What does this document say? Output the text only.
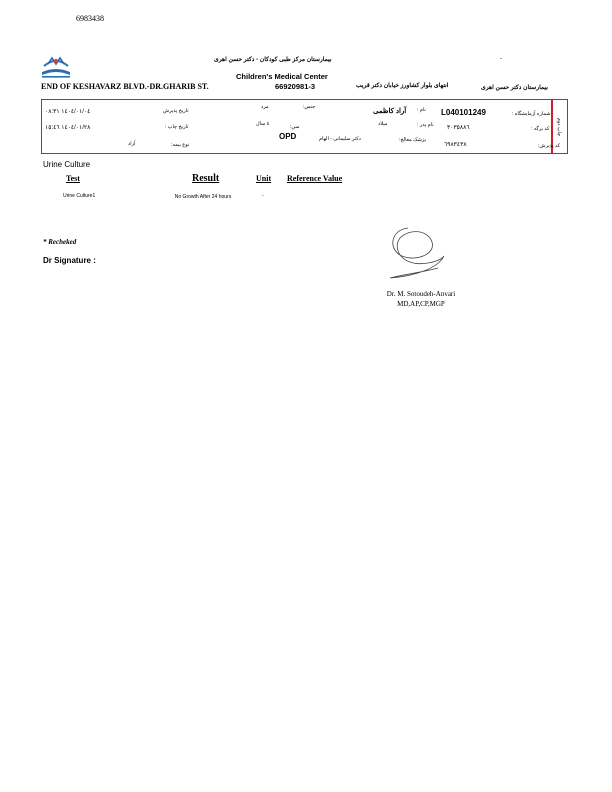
6983438
بیمارستان مرکز طبی کودکان - دکتر حسن اهری	-
Children's Medical Center
END OF KESHAVARZ BLVD.-DR.GHARIB ST.	66920981-3	انتهای بلوار کشاورز خیابان دکتر قریب	بیمارستان دکتر حسن اهری
چاپ دوم
شماره آزمایشگاه :
L040101249
نام :
آراد کاظمی
جنس:
مرد
تاریخ پذیرش
١٤٠٤/٠١/٠٤ ٠٨:٣١
کد برگه :
٣٠٣٥٨٨٦
نام پدر :
میلاد
سن:
٤ سال
تاریخ چاپ :
١٤٠٤/٠١/٢٨ ١٥:٤٦
پزشک معالج:
دکتر سلیمانی - الهام
OPD
کد پذیرش:
٦٩٨٣٤٣٨
نوع بیمه:
آزاد
Urine Culture
Test	Result	Unit Reference Value
Urine Culture1	No Growth After 24 hours	-
* Recheked
Dr Signature :
Dr. M. Sotoudeh-Anvari
MD,AP,CP,MGP
